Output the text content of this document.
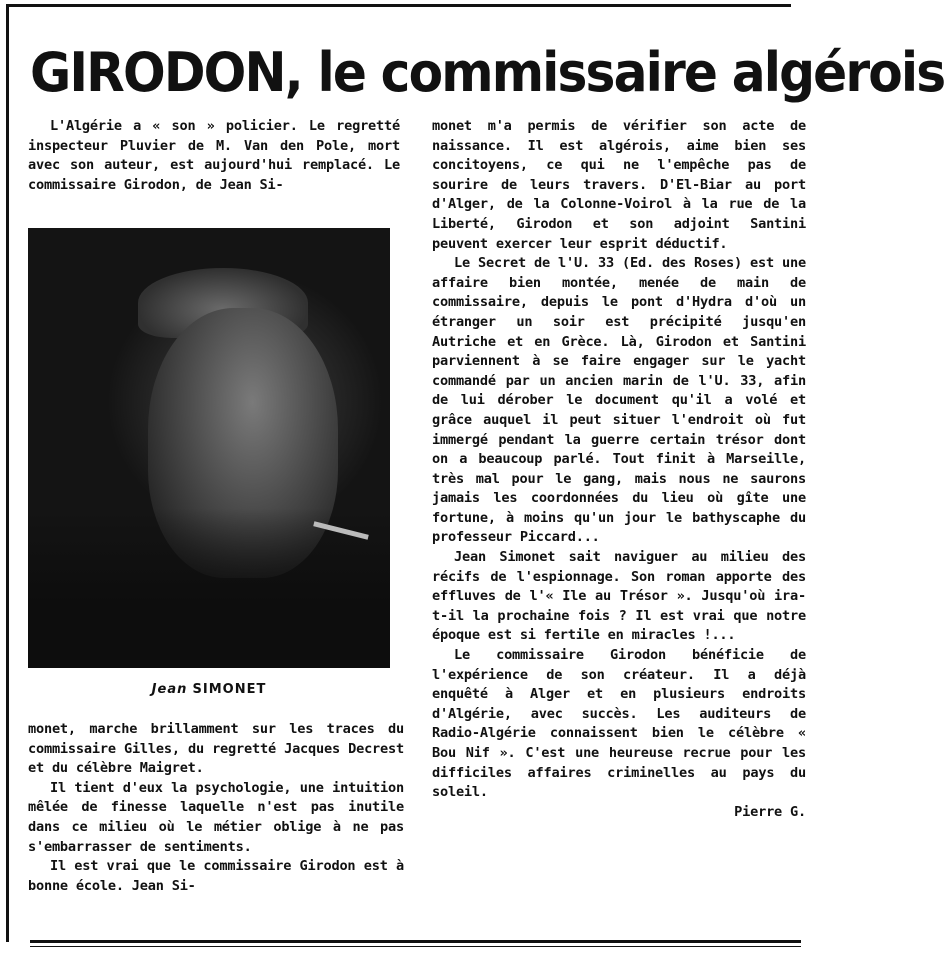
GIRODON, le commissaire algérois

L'Algérie a « son » policier. Le regretté inspecteur Pluvier de M. Van den Pole, mort avec son auteur, est aujourd'hui remplacé. Le commissaire Girodon, de Jean Si-

Jean SIMONET

monet, marche brillamment sur les traces du commissaire Gilles, du regretté Jacques Decrest et du célèbre Maigret.

Il tient d'eux la psychologie, une intuition mêlée de finesse laquelle n'est pas inutile dans ce milieu où le métier oblige à ne pas s'embarrasser de sentiments.

Il est vrai que le commissaire Girodon est à bonne école. Jean Si-

monet m'a permis de vérifier son acte de naissance. Il est algérois, aime bien ses concitoyens, ce qui ne l'empêche pas de sourire de leurs travers. D'El-Biar au port d'Alger, de la Colonne-Voirol à la rue de la Liberté, Girodon et son adjoint Santini peuvent exercer leur esprit déductif.

Le Secret de l'U. 33 (Ed. des Roses) est une affaire bien montée, menée de main de commissaire, depuis le pont d'Hydra d'où un étranger un soir est précipité jusqu'en Autriche et en Grèce. Là, Girodon et Santini parviennent à se faire engager sur le yacht commandé par un ancien marin de l'U. 33, afin de lui dérober le document qu'il a volé et grâce auquel il peut situer l'endroit où fut immergé pendant la guerre certain trésor dont on a beaucoup parlé. Tout finit à Marseille, très mal pour le gang, mais nous ne saurons jamais les coordonnées du lieu où gîte une fortune, à moins qu'un jour le bathyscaphe du professeur Piccard...

Jean Simonet sait naviguer au milieu des récifs de l'espionnage. Son roman apporte des effluves de l'« Ile au Trésor ». Jusqu'où ira-t-il la prochaine fois ? Il est vrai que notre époque est si fertile en miracles !...

Le commissaire Girodon bénéficie de l'expérience de son créateur. Il a déjà enquêté à Alger et en plusieurs endroits d'Algérie, avec succès. Les auditeurs de Radio-Algérie connaissent bien le célèbre « Bou Nif ». C'est une heureuse recrue pour les difficiles affaires criminelles au pays du soleil.

Pierre G.
